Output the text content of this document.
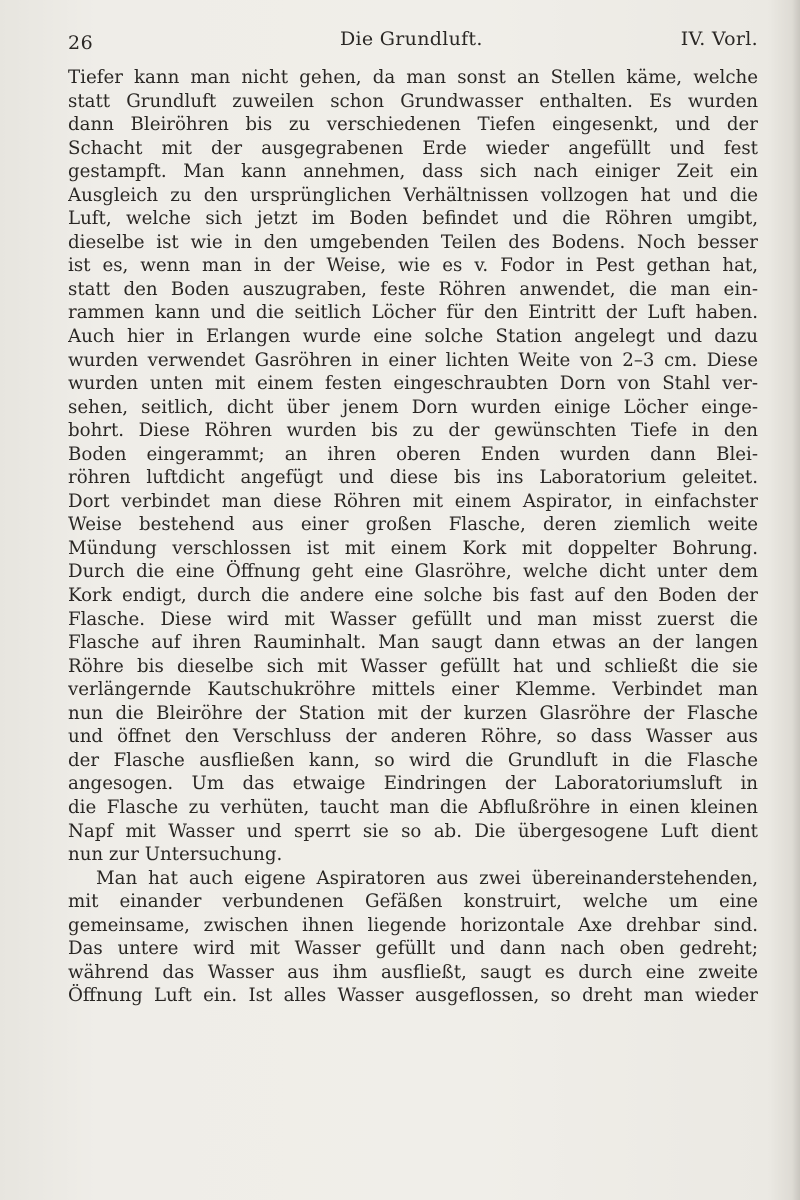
26	Die Grundluft.	IV. Vorl.
Tiefer kann man nicht gehen, da man sonst an Stellen käme, welche
statt Grundluft zuweilen schon Grundwasser enthalten. Es wurden
dann Bleiröhren bis zu verschiedenen Tiefen eingesenkt, und der
Schacht mit der ausgegrabenen Erde wieder angefüllt und fest
gestampft. Man kann annehmen, dass sich nach einiger Zeit ein
Ausgleich zu den ursprünglichen Verhältnissen vollzogen hat und die
Luft, welche sich jetzt im Boden befindet und die Röhren umgibt,
dieselbe ist wie in den umgebenden Teilen des Bodens. Noch besser
ist es, wenn man in der Weise, wie es v. Fodor in Pest gethan hat,
statt den Boden auszugraben, feste Röhren anwendet, die man ein-
rammen kann und die seitlich Löcher für den Eintritt der Luft haben.
Auch hier in Erlangen wurde eine solche Station angelegt und dazu
wurden verwendet Gasröhren in einer lichten Weite von 2–3 cm. Diese
wurden unten mit einem festen eingeschraubten Dorn von Stahl ver-
sehen, seitlich, dicht über jenem Dorn wurden einige Löcher einge-
bohrt. Diese Röhren wurden bis zu der gewünschten Tiefe in den
Boden eingerammt; an ihren oberen Enden wurden dann Blei-
röhren luftdicht angefügt und diese bis ins Laboratorium geleitet.
Dort verbindet man diese Röhren mit einem Aspirator, in einfachster
Weise bestehend aus einer großen Flasche, deren ziemlich weite
Mündung verschlossen ist mit einem Kork mit doppelter Bohrung.
Durch die eine Öffnung geht eine Glasröhre, welche dicht unter dem
Kork endigt, durch die andere eine solche bis fast auf den Boden der
Flasche. Diese wird mit Wasser gefüllt und man misst zuerst die
Flasche auf ihren Rauminhalt. Man saugt dann etwas an der langen
Röhre bis dieselbe sich mit Wasser gefüllt hat und schließt die sie
verlängernde Kautschukröhre mittels einer Klemme. Verbindet man
nun die Bleiröhre der Station mit der kurzen Glasröhre der Flasche
und öffnet den Verschluss der anderen Röhre, so dass Wasser aus
der Flasche ausfließen kann, so wird die Grundluft in die Flasche
angesogen. Um das etwaige Eindringen der Laboratoriumsluft in
die Flasche zu verhüten, taucht man die Abflußröhre in einen kleinen
Napf mit Wasser und sperrt sie so ab. Die übergesogene Luft dient
nun zur Untersuchung.
Man hat auch eigene Aspiratoren aus zwei übereinanderstehenden,
mit einander verbundenen Gefäßen konstruirt, welche um eine
gemeinsame, zwischen ihnen liegende horizontale Axe drehbar sind.
Das untere wird mit Wasser gefüllt und dann nach oben gedreht;
während das Wasser aus ihm ausfließt, saugt es durch eine zweite
Öffnung Luft ein. Ist alles Wasser ausgeflossen, so dreht man wieder
